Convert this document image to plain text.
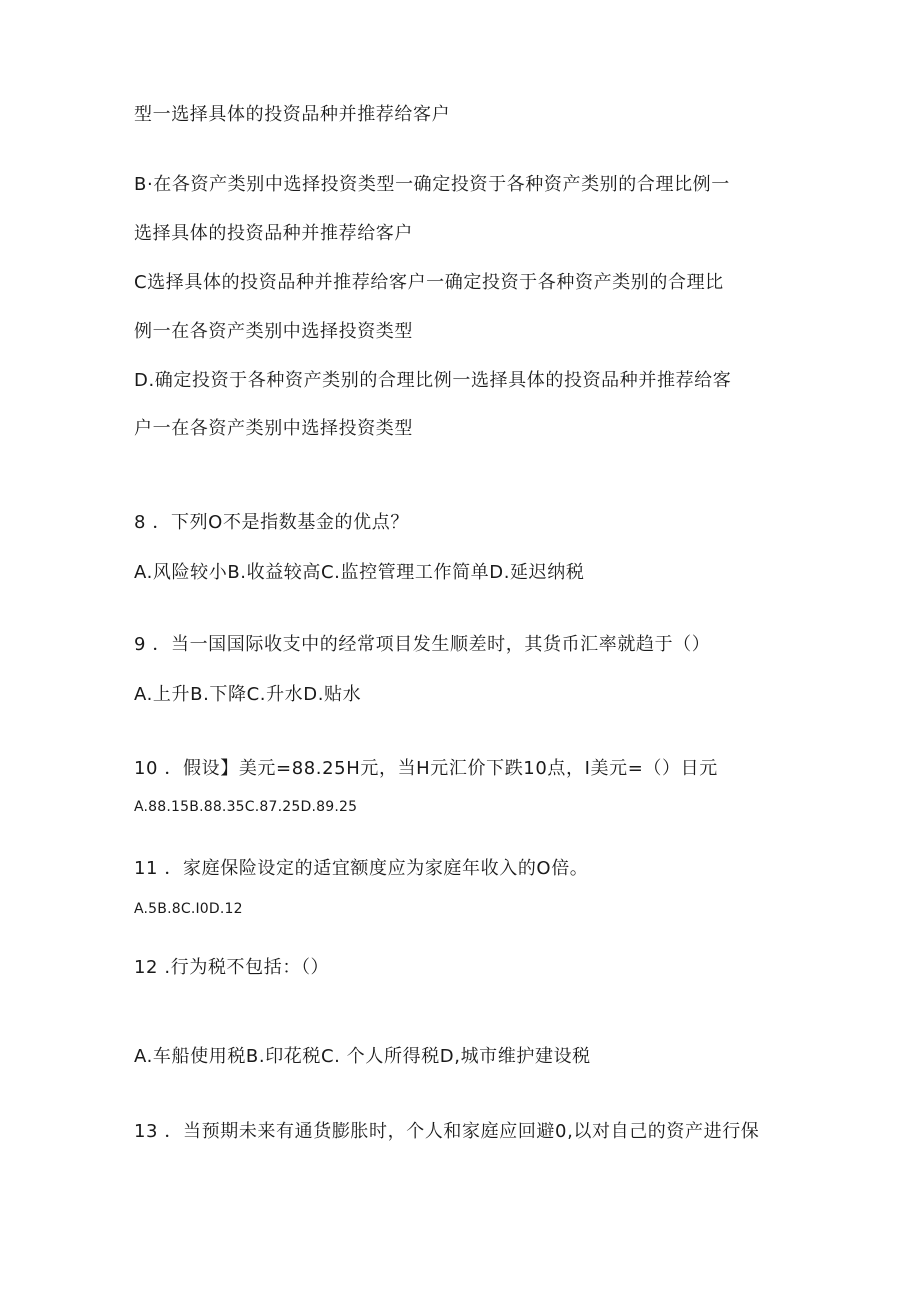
型一选择具体的投资品种并推荐给客户
B·在各资产类别中选择投资类型一确定投资于各种资产类别的合理比例一
选择具体的投资品种并推荐给客户
C选择具体的投资品种并推荐给客户一确定投资于各种资产类别的合理比
例一在各资产类别中选择投资类型
D.确定投资于各种资产类别的合理比例一选择具体的投资品种并推荐给客
户一在各资产类别中选择投资类型
8 ．下列O不是指数基金的优点？
A.风险较小B.收益较高C.监控管理工作简单D.延迟纳税
9 ．当一国国际收支中的经常项目发生顺差时，其货币汇率就趋于（）
A.上升B.下降C.升水D.贴水
10 ．假设】美元=88.25H元，当H元汇价下跌10点，I美元=（）日元
A.88.15B.88.35C.87.25D.89.25
11 ．家庭保险设定的适宜额度应为家庭年收入的O倍。
A.5B.8C.I0D.12
12 .行为税不包括：（）
A.车船使用税B.印花税C. 个人所得税D,城市维护建设税
13 ．当预期未来有通货膨胀时，个人和家庭应回避0,以对自己的资产进行保
